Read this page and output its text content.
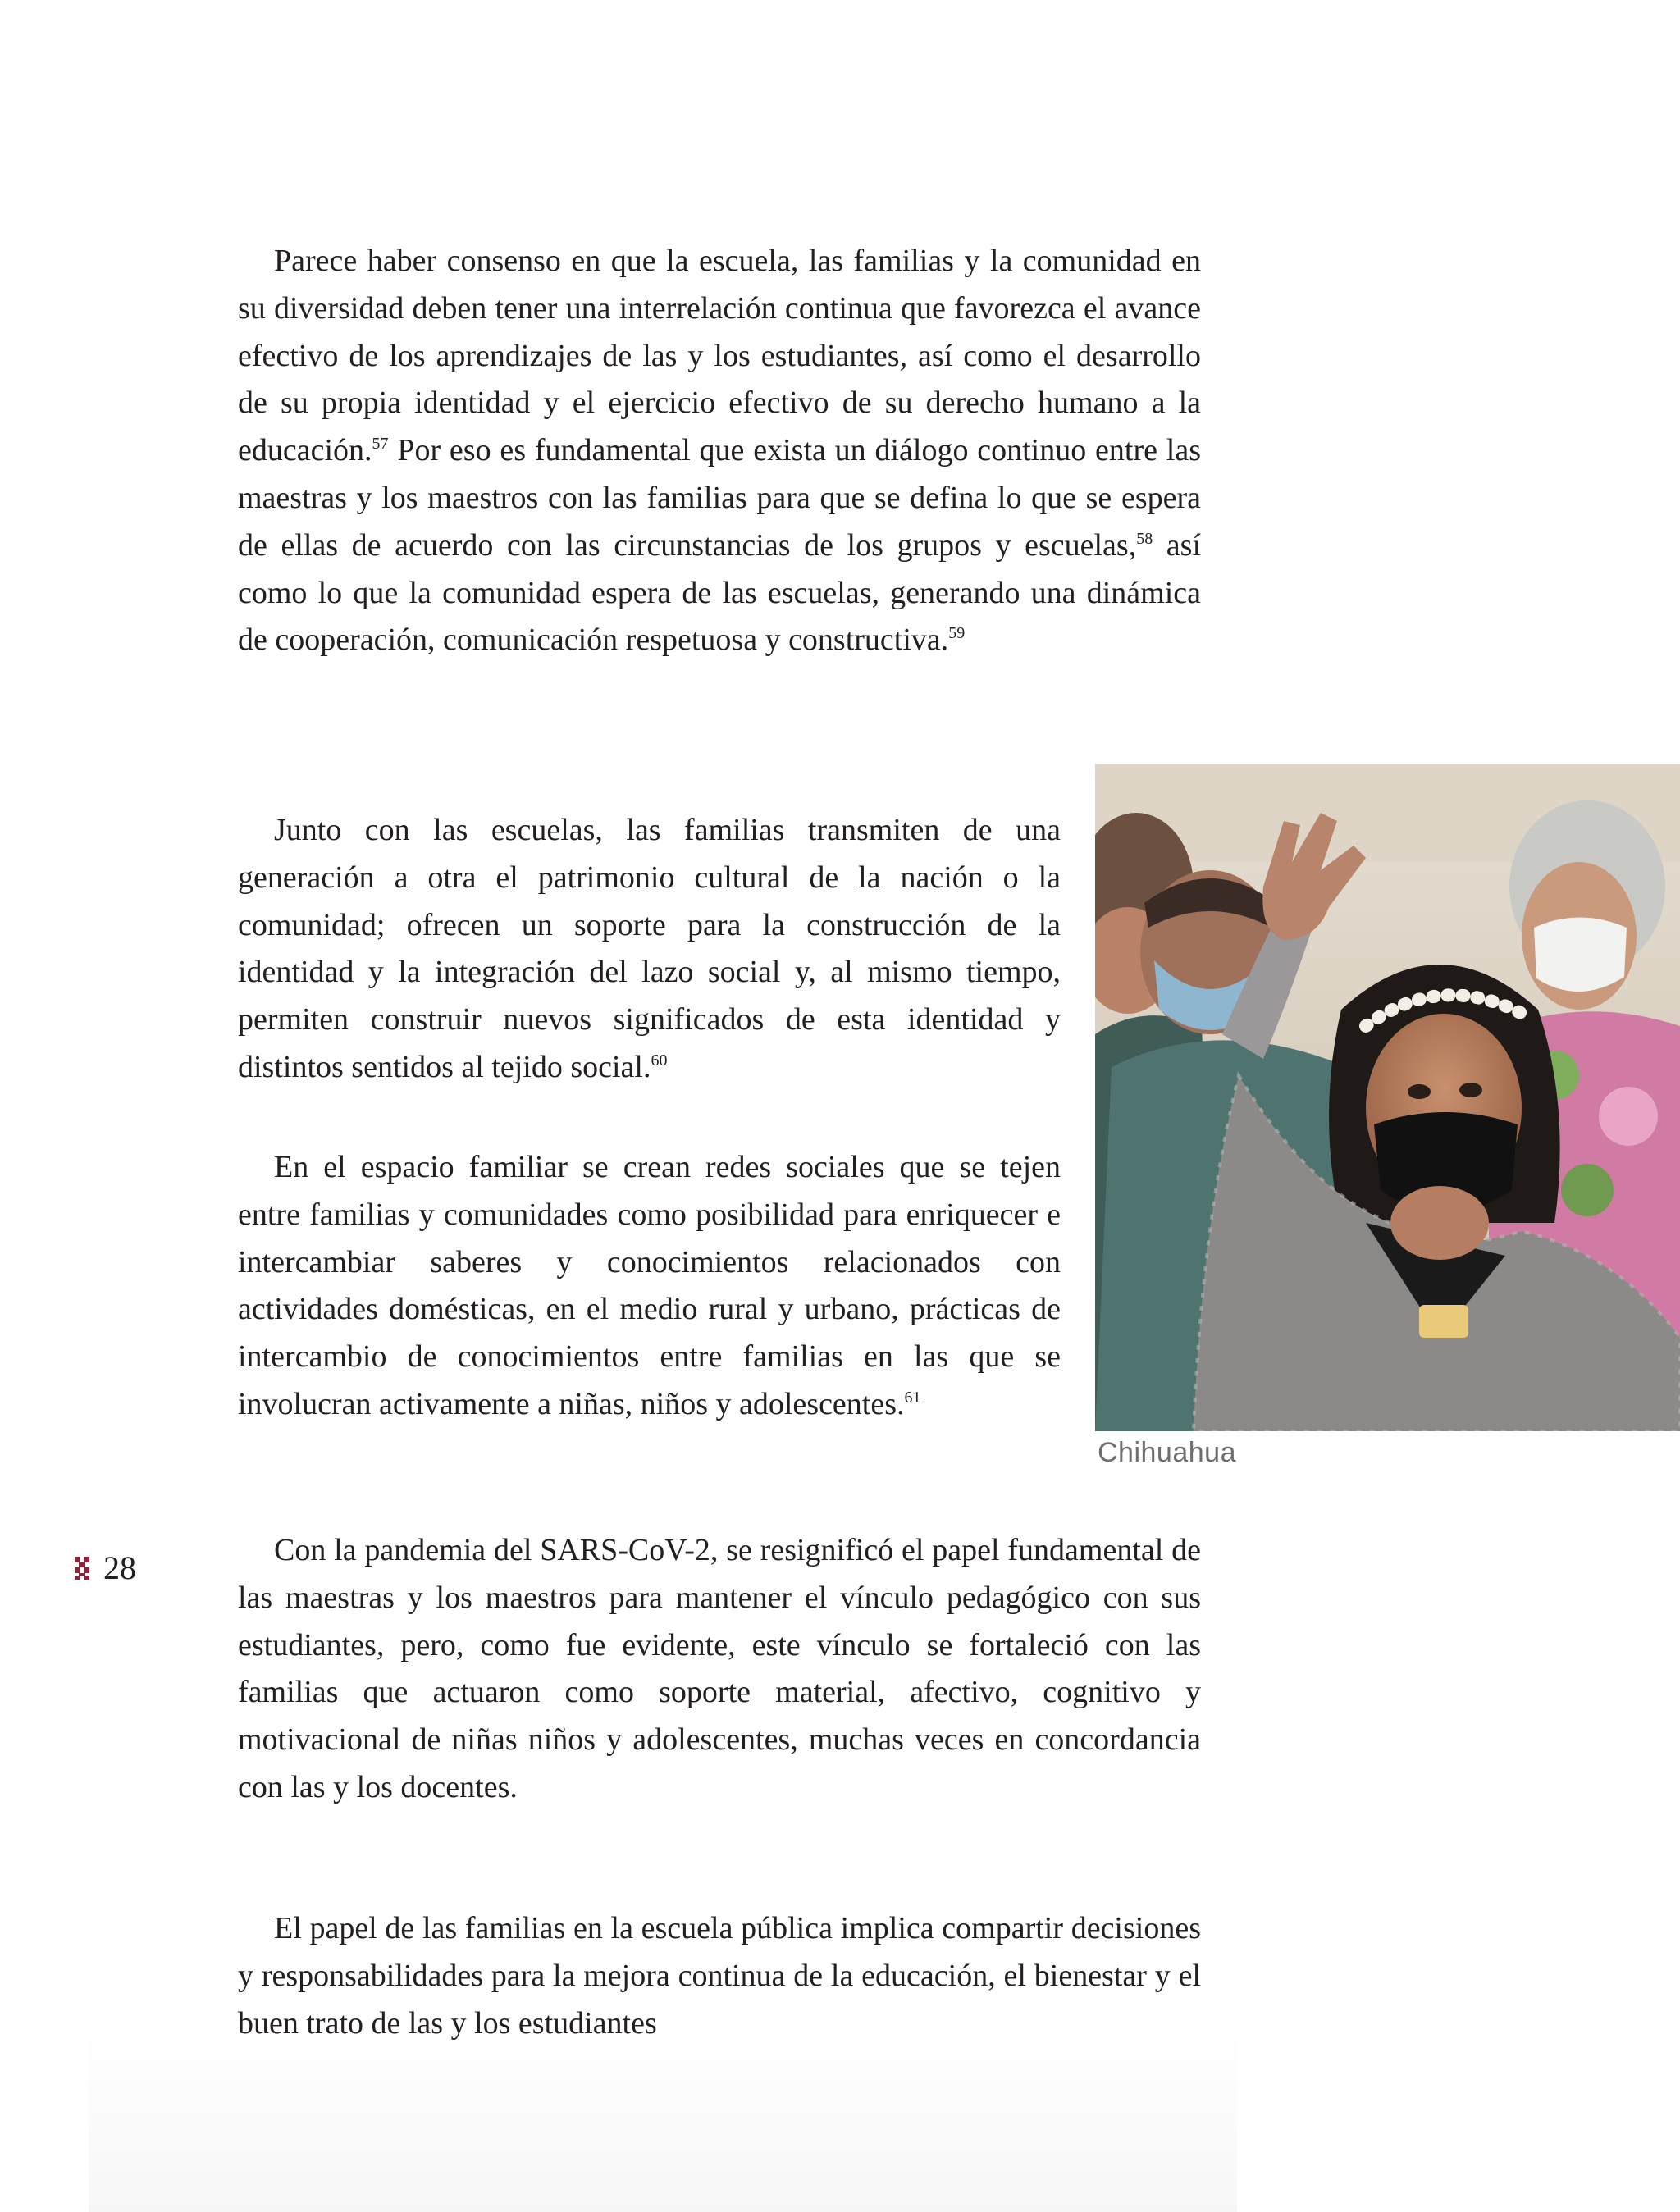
Parece haber consenso en que la escuela, las familias y la comunidad en su diversidad deben tener una interrelación continua que favorezca el avance efectivo de los aprendizajes de las y los estudiantes, así como el desarrollo de su propia identidad y el ejercicio efectivo de su derecho humano a la educación.$^{57}$ Por eso es fundamental que exista un diálogo continuo entre las maestras y los maestros con las familias para que se defina lo que se espera de ellas de acuerdo con las circunstancias de los grupos y escuelas,$^{58}$ así como lo que la comunidad espera de las escuelas, generando una dinámica de cooperación, comunicación respetuosa y constructiva.$^{59}$

Junto con las escuelas, las familias transmiten de una generación a otra el patrimonio cultural de la nación o la comunidad; ofrecen un soporte para la construcción de la identidad y la integración del lazo social y, al mismo tiempo, permiten construir nuevos significados de esta identidad y distintos sentidos al tejido social.$^{60}$

En el espacio familiar se crean redes sociales que se tejen entre familias y comunidades como posibilidad para enriquecer e intercambiar saberes y conocimientos relacionados con actividades domésticas, en el medio rural y urbano, prácticas de intercambio de conocimientos entre familias en las que se involucran activamente a niñas, niños y adolescentes.$^{61}$

Con la pandemia del SARS-CoV-2, se resignificó el papel fundamental de las maestras y los maestros para mantener el vínculo pedagógico con sus estudiantes, pero, como fue evidente, este vínculo se fortaleció con las familias que actuaron como soporte material, afectivo, cognitivo y motivacional de niñas niños y adolescentes, muchas veces en concordancia con las y los docentes.

El papel de las familias en la escuela pública implica compartir decisiones y responsabilidades para la mejora continua de la educación, el bienestar y el buen trato de las y los estudiantes

Chihuahua
28
